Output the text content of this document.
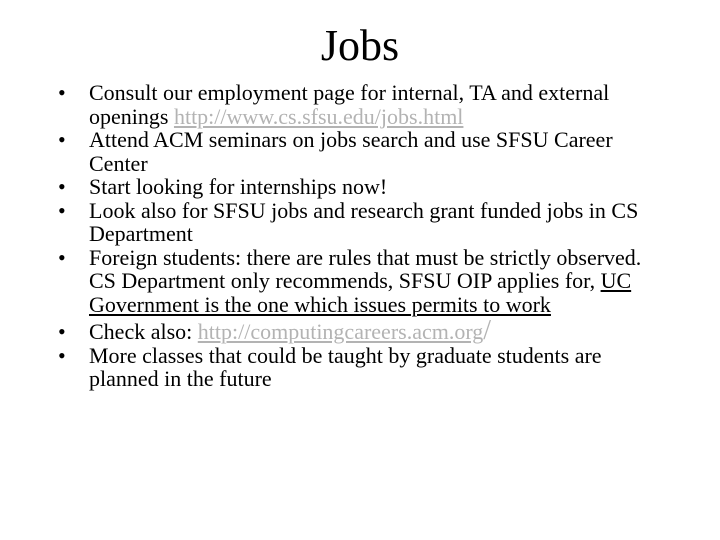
Jobs
• Consult our employment page for internal, TA and external openings http://www.cs.sfsu.edu/jobs.html
• Attend ACM seminars on jobs search and use SFSU Career Center
• Start looking for internships now!
• Look also for SFSU jobs and research grant funded jobs in CS Department
• Foreign students: there are rules that must be strictly observed. CS Department only recommends, SFSU OIP applies for, UC Government is the one which issues permits to work
• Check also: http://computingcareers.acm.org/
• More classes that could be taught by graduate students are planned in the future
